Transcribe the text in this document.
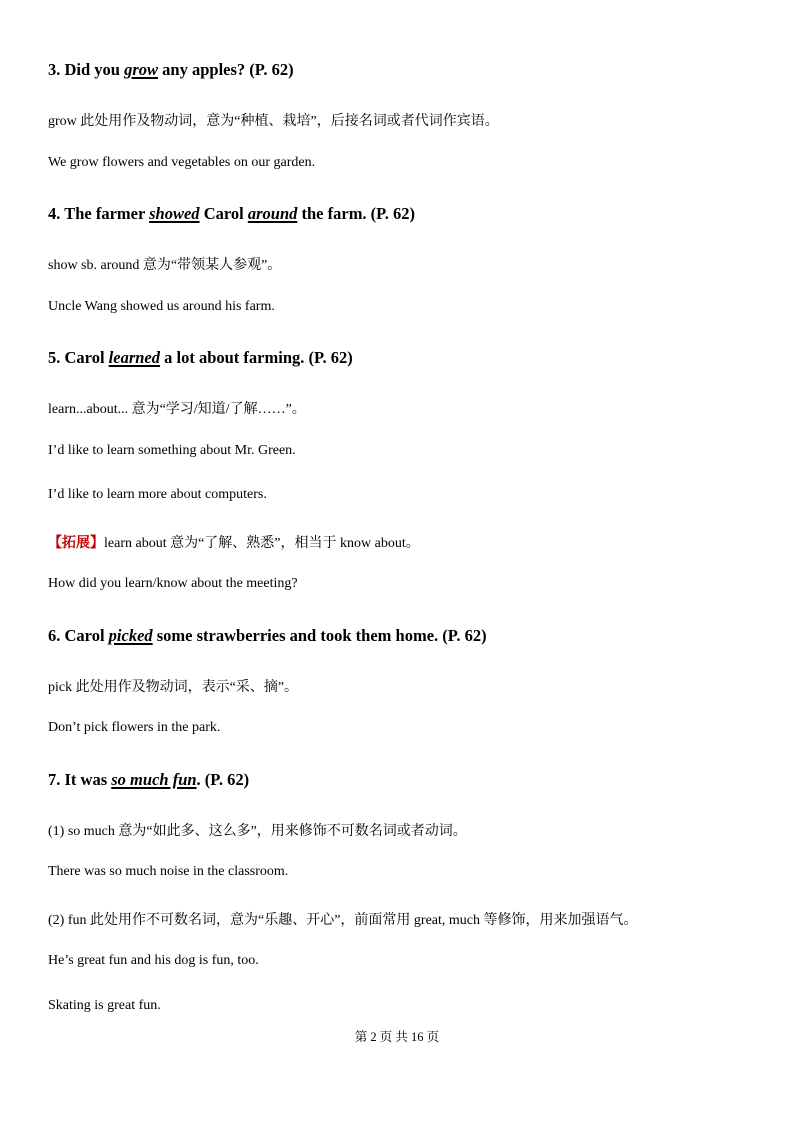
3. Did you grow any apples? (P. 62)
grow 此处用作及物动词，意为“种植、栽培”，后接名词或者代词作宾语。
We grow flowers and vegetables on our garden.
4. The farmer showed Carol around the farm. (P. 62)
show sb. around 意为“带领某人参观”。
Uncle Wang showed us around his farm.
5. Carol learned a lot about farming. (P. 62)
learn...about... 意为“学习/知道/了解……”。
I’d like to learn something about Mr. Green.
I’d like to learn more about computers.
【拓展】learn about 意为“了解、熟悉”，相当于 know about。
How did you learn/know about the meeting?
6. Carol picked some strawberries and took them home. (P. 62)
pick 此处用作及物动词，表示“采、摘”。
Don’t pick flowers in the park.
7. It was so much fun. (P. 62)
(1) so much 意为“如此多、这么多”，用来修饰不可数名词或者动词。
There was so much noise in the classroom.
(2) fun 此处用作不可数名词，意为“乐趣、开心”，前面常用 great, much 等修饰，用来加强语气。
He’s great fun and his dog is fun, too.
Skating is great fun.
第 2 页 共 16 页
